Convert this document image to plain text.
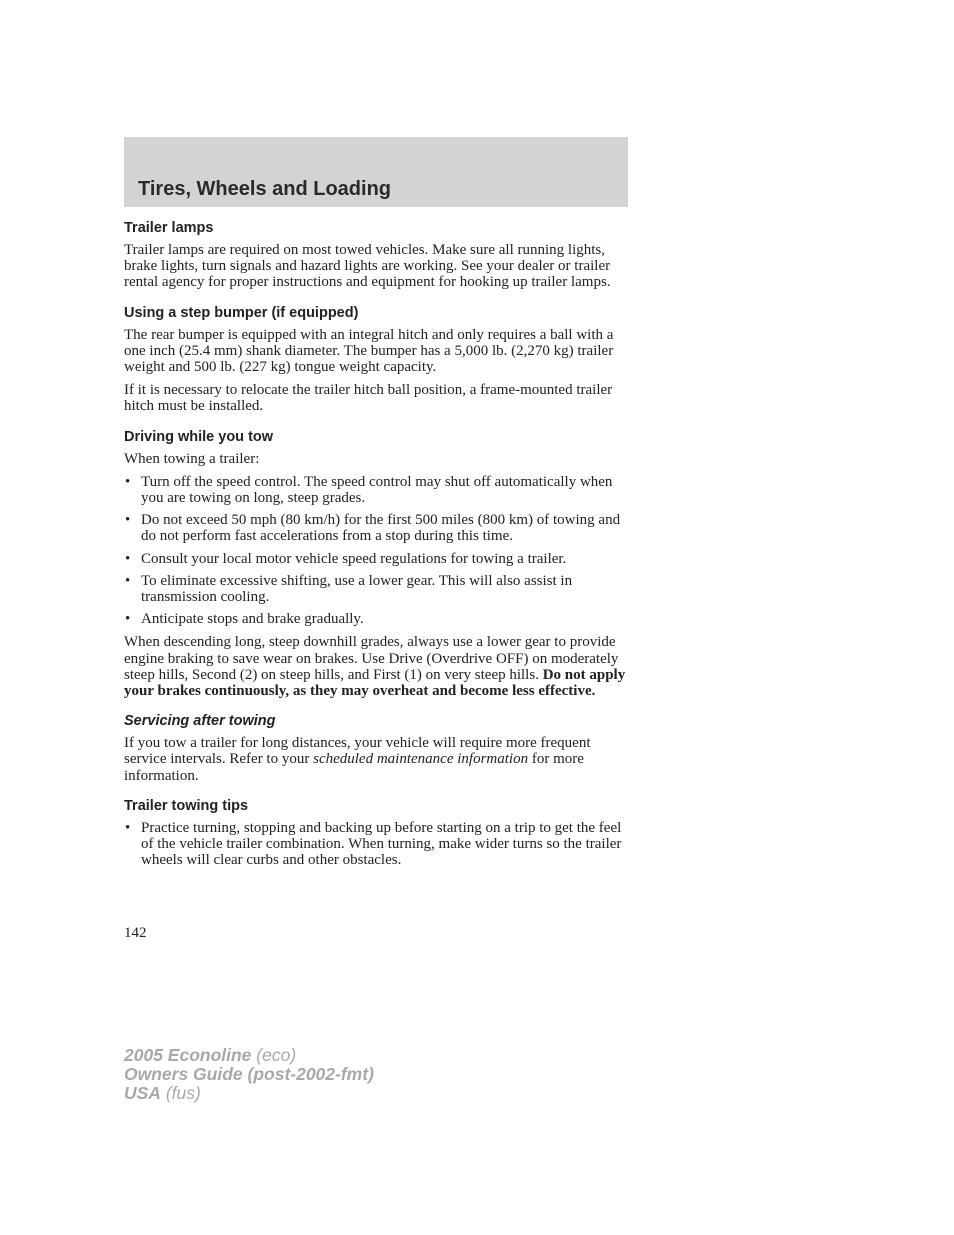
Tires, Wheels and Loading
Trailer lamps

Trailer lamps are required on most towed vehicles. Make sure all running lights, brake lights, turn signals and hazard lights are working. See your dealer or trailer rental agency for proper instructions and equipment for hooking up trailer lamps.

Using a step bumper (if equipped)

The rear bumper is equipped with an integral hitch and only requires a ball with a one inch (25.4 mm) shank diameter. The bumper has a 5,000 lb. (2,270 kg) trailer weight and 500 lb. (227 kg) tongue weight capacity.

If it is necessary to relocate the trailer hitch ball position, a frame-mounted trailer hitch must be installed.

Driving while you tow

When towing a trailer:

• Turn off the speed control. The speed control may shut off automatically when you are towing on long, steep grades.
• Do not exceed 50 mph (80 km/h) for the first 500 miles (800 km) of towing and do not perform fast accelerations from a stop during this time.
• Consult your local motor vehicle speed regulations for towing a trailer.
• To eliminate excessive shifting, use a lower gear. This will also assist in transmission cooling.
• Anticipate stops and brake gradually.

When descending long, steep downhill grades, always use a lower gear to provide engine braking to save wear on brakes. Use Drive (Overdrive OFF) on moderately steep hills, Second (2) on steep hills, and First (1) on very steep hills. Do not apply your brakes continuously, as they may overheat and become less effective.

Servicing after towing

If you tow a trailer for long distances, your vehicle will require more frequent service intervals. Refer to your scheduled maintenance information for more information.

Trailer towing tips
• Practice turning, stopping and backing up before starting on a trip to get the feel of the vehicle trailer combination. When turning, make wider turns so the trailer wheels will clear curbs and other obstacles.
142
2005 Econoline (eco)
Owners Guide (post-2002-fmt)
USA (fus)
